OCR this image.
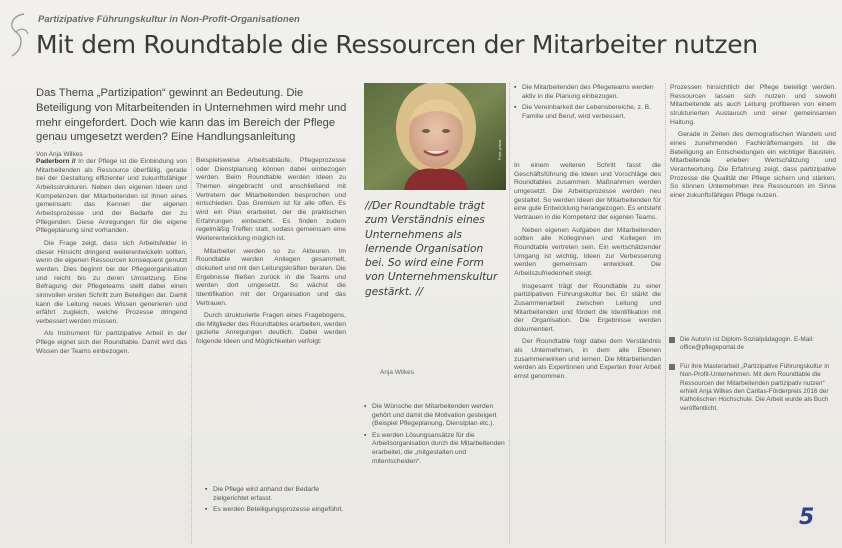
Partizipative Führungskultur in Non-Profit-Organisationen
Mit dem Roundtable die Ressourcen der Mitarbeiter nutzen
Das Thema „Partizipation“ gewinnt an Bedeutung. Die Beteiligung von Mitarbeitenden in Unternehmen wird mehr und mehr eingefordert. Doch wie kann das im Bereich der Pflege genau umgesetzt werden? Eine Handlungsanleitung
Von Anja Wilkes

Paderborn // In der Pflege ist die Einbindung von Mitarbeitenden als Ressource überfällig, gerade bei der Gestaltung effizienter und zukunftsfähiger Arbeitsstrukturen. Neben den eigenen Ideen und Kompetenzen der Mitarbeitenden ist ihnen eines gemeinsam: das Kennen der eigenen Arbeitsprozesse und der Bedarfe der zu Pflegenden. Diese Anregungen für die eigene Pflegeplanung sind vorhanden.

Die Frage zeigt, dass sich Arbeitsfelder in dieser Hinsicht dringend weiterentwickeln sollten, wenn die eigenen Ressourcen konsequent genutzt werden. Dies beginnt bei der Pflegeorganisation und reicht bis zu deren Umsetzung. Eine Befragung der Pflegeteams stellt dabei einen sinnvollen ersten Schritt zum Beteiligen dar. Damit kann die Leitung neues Wissen generieren und erfährt zugleich, welche Prozesse dringend verbessert werden müssen.

Als Instrument für partizipative Arbeit in der Pflege eignet sich der Roundtable. Damit wird das Wissen der Teams einbezogen.

Beispielsweise Arbeitsabläufe, Pflegeprozesse oder Dienstplanung können dabei einbezogen werden. Beim Roundtable werden Ideen zu Themen eingebracht und anschließend mit Vertretern der Mitarbeitenden besprochen und entschieden. Das Gremium ist für alle offen. Es wird ein Plan erarbeitet, der die praktischen Erfahrungen einbezieht. Es finden zudem regelmäßig Treffen statt, sodass gemeinsam eine Weiterentwicklung möglich ist.

Mitarbeiter werden so zu Akteuren. Im Roundtable werden Anliegen gesammelt, diskutiert und mit den Leitungskräften beraten. Die Ergebnisse fließen zurück in die Teams und werden dort umgesetzt. So wächst die Identifikation mit der Organisation und das Vertrauen.

Durch strukturierte Fragen eines Fragebogens, die Mitglieder des Roundtables erarbeiten, werden gezielte Anregungen deutlich. Dabei werden folgende Ideen und Möglichkeiten verfolgt:

▪ Die Pflege wird anhand der Bedarfe zielgerichtet erfasst.
▪ Es werden Beteiligungsprozesse eingeführt.
Foto: privat
//Der Roundtable trägt zum Verständnis eines Unternehmens als lernende Organisation bei. So wird eine Form von Unternehmenskultur gestärkt. //
Anja Wilkes
▪ Die Wünsche der Mitarbeitenden werden gehört und damit die Motivation gesteigert (Beispiel Pflegeplanung, Dienstplan etc.).
▪ Es werden Lösungsansätze für die Arbeitsorganisation durch die Mitarbeitenden erarbeitet, die „mitgestalten und mitentscheiden“.
▪ Die Mitarbeitenden des Pflegeteams werden aktiv in die Planung einbezogen.
▪ Die Vereinbarkeit der Lebensbereiche, z. B. Familie und Beruf, wird verbessert.

In einem weiteren Schritt fasst die Geschäftsführung die Ideen und Vorschläge des Roundtables zusammen. Maßnahmen werden umgesetzt. Die Arbeitsprozesse werden neu gestaltet. So werden Ideen der Mitarbeitenden für eine gute Entwicklung herangezogen. Es entsteht Vertrauen in die Kompetenz der eigenen Teams.

Neben eigenen Aufgaben der Mitarbeitenden sollten alle Kolleginnen und Kollegen im Roundtable vertreten sein. Ein wertschätzender Umgang ist wichtig, Ideen zur Verbesserung werden gemeinsam entwickelt. Die Arbeitszufriedenheit steigt.

Insgesamt trägt der Roundtable zu einer partizipativen Führungskultur bei. Er stärkt die Zusammenarbeit zwischen Leitung und Mitarbeitenden und fördert die Identifikation mit der Organisation. Die Ergebnisse werden dokumentiert.

Der Roundtable folgt dabei dem Verständnis als Unternehmen, in dem alle Ebenen zusammenwirken und lernen. Die Mitarbeitenden werden als Expertinnen und Experten ihrer Arbeit ernst genommen.

Prozessen hinsichtlich der Pflege beteiligt werden. Ressourcen lassen sich nutzen und sowohl Mitarbeitende als auch Leitung profitieren von einem strukturierten Austausch und einer gemeinsamen Haltung.

Gerade in Zeiten des demografischen Wandels und eines zunehmenden Fachkräftemangels ist die Beteiligung an Entscheidungen ein wichtiger Baustein. Mitarbeitende erleben Wertschätzung und Verantwortung. Die Erfahrung zeigt, dass partizipative Prozesse die Qualität der Pflege sichern und stärken. So können Unternehmen ihre Ressourcen im Sinne einer zukunftsfähigen Pflege nutzen.

Die Autorin ist Diplom-Sozialpädagogin. E-Mail: office@pflegeportal.de
Für ihre Masterarbeit „Partizipative Führungskultur in Non-Profit-Unternehmen. Mit dem Roundtable die Ressourcen der Mitarbeitenden partizipativ nutzen“ erhielt Anja Wilkes den Caritas-Förderpreis 2016 der Katholischen Hochschule. Die Arbeit wurde als Buch veröffentlicht.
5
